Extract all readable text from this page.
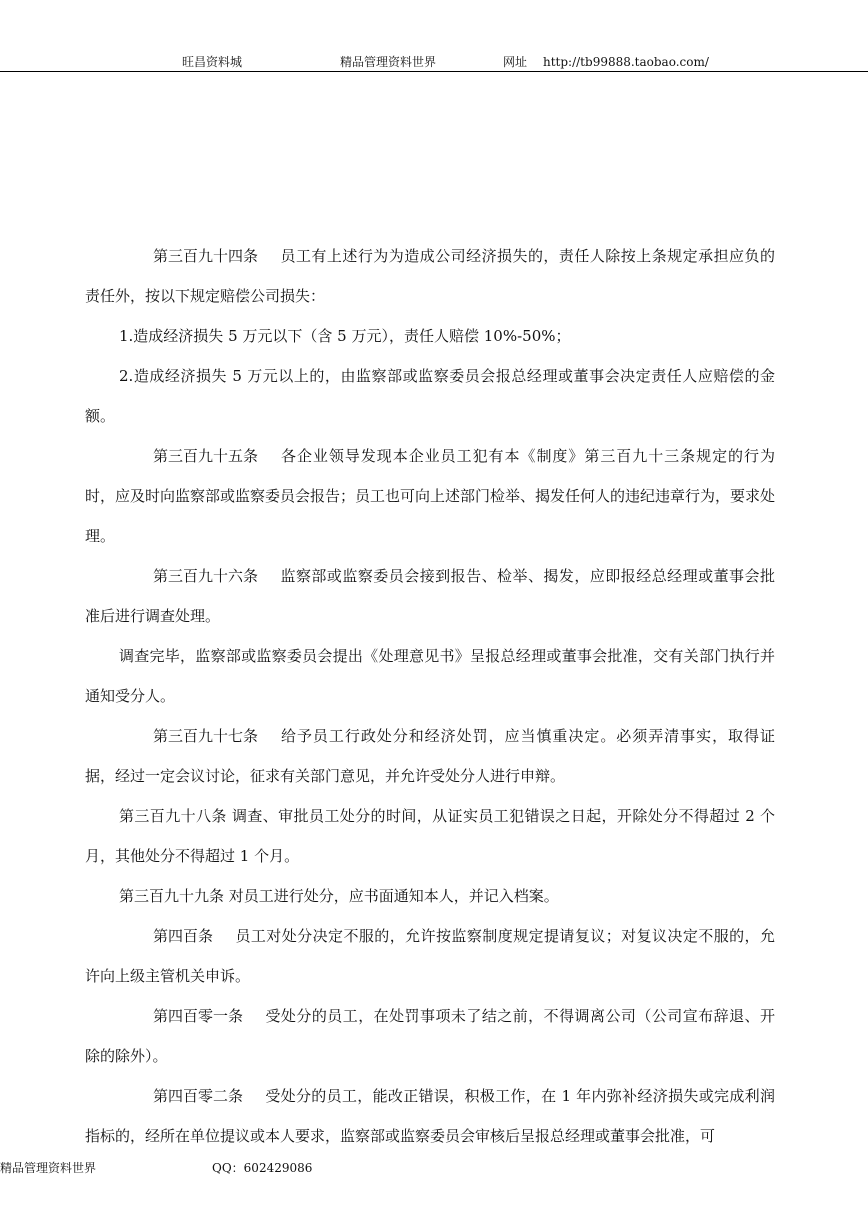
旺昌资料城	精品管理资料世界	网址 http://tb99888.taobao.com/

第三百九十四条 员工有上述行为为造成公司经济损失的，责任人除按上条规定承担应负的责任外，按以下规定赔偿公司损失：

1.造成经济损失 5 万元以下（含 5 万元），责任人赔偿 10%-50%；

2.造成经济损失 5 万元以上的，由监察部或监察委员会报总经理或董事会决定责任人应赔偿的金额。

第三百九十五条 各企业领导发现本企业员工犯有本《制度》第三百九十三条规定的行为时，应及时向监察部或监察委员会报告；员工也可向上述部门检举、揭发任何人的违纪违章行为，要求处理。

第三百九十六条 监察部或监察委员会接到报告、检举、揭发，应即报经总经理或董事会批准后进行调查处理。

调查完毕，监察部或监察委员会提出《处理意见书》呈报总经理或董事会批准，交有关部门执行并通知受分人。

第三百九十七条 给予员工行政处分和经济处罚，应当慎重决定。必须弄清事实，取得证据，经过一定会议讨论，征求有关部门意见，并允许受处分人进行申辩。

第三百九十八条 调查、审批员工处分的时间，从证实员工犯错误之日起，开除处分不得超过 2 个月，其他处分不得超过 1 个月。

第三百九十九条 对员工进行处分，应书面通知本人，并记入档案。

第四百条 员工对处分决定不服的，允许按监察制度规定提请复议；对复议决定不服的，允许向上级主管机关申诉。

第四百零一条 受处分的员工，在处罚事项未了结之前，不得调离公司（公司宣布辞退、开除的除外）。

第四百零二条 受处分的员工，能改正错误，积极工作，在 1 年内弥补经济损失或完成利润指标的，经所在单位提议或本人要求，监察部或监察委员会审核后呈报总经理或董事会批准，可

精品管理资料世界	QQ：602429086
